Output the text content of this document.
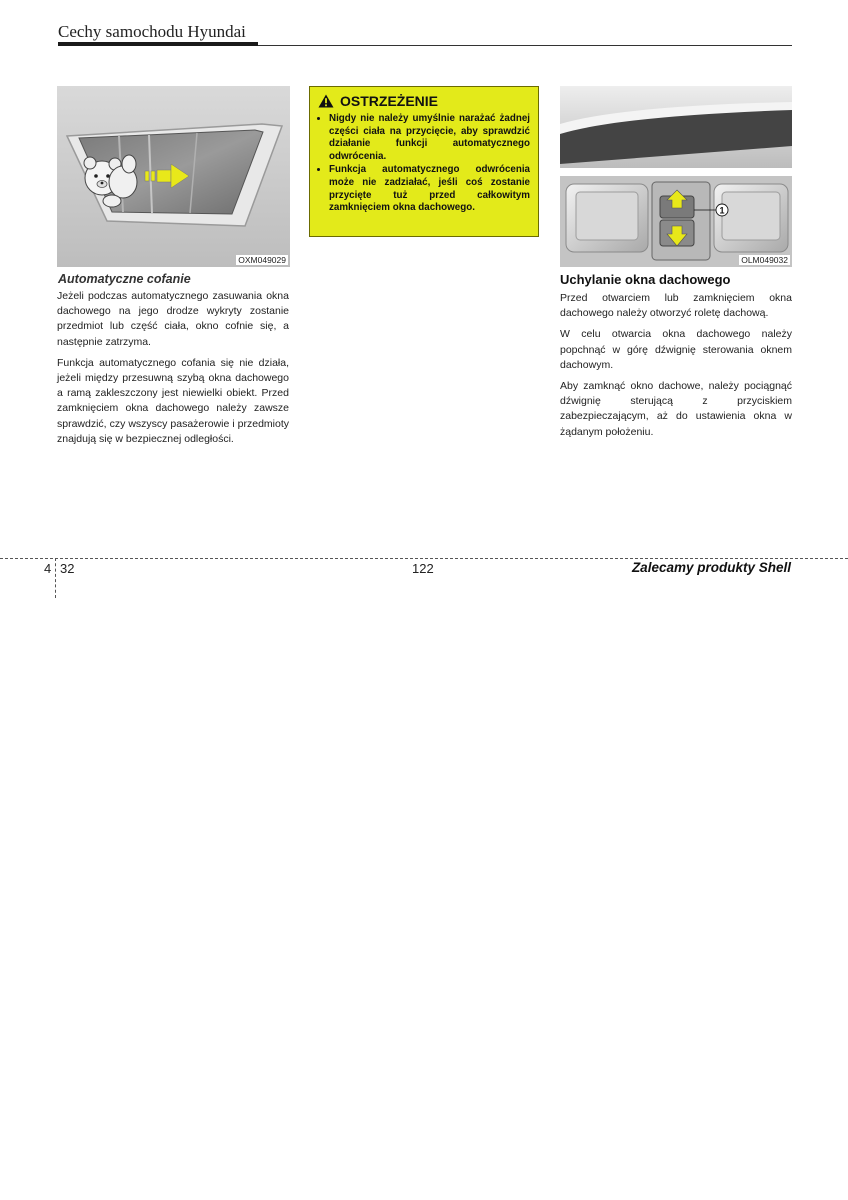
Cechy samochodu Hyundai
OXM049029
Automatyczne cofanie

Jeżeli podczas automatycznego zasuwania okna dachowego na jego drodze wykryty zostanie przedmiot lub część ciała, okno cofnie się, a następnie zatrzyma.

Funkcja automatycznego cofania się nie działa, jeżeli między przesuwną szybą okna dachowego a ramą zakleszczony jest niewielki obiekt. Przed zamknięciem okna dachowego należy zawsze sprawdzić, czy wszyscy pasażerowie i przedmioty znajdują się w bezpiecznej odległości.

OSTRZEŻENIE
• Nigdy nie należy umyślnie narażać żadnej części ciała na przycięcie, aby sprawdzić działanie funkcji automatycznego odwrócenia.
• Funkcja automatycznego odwrócenia może nie zadziałać, jeśli coś zostanie przycięte tuż przed całkowitym zamknięciem okna dachowego.	1
OLM049032
Uchylanie okna dachowego

Przed otwarciem lub zamknięciem okna dachowego należy otworzyć roletę dachową.

W celu otwarcia okna dachowego należy popchnąć w górę dźwignię sterowania oknem dachowym.

Aby zamknąć okno dachowe, należy pociągnąć dźwignię sterującą z przyciskiem zabezpieczającym, aż do ustawienia okna w żądanym położeniu.

4 32	122	Zalecamy produkty Shell
